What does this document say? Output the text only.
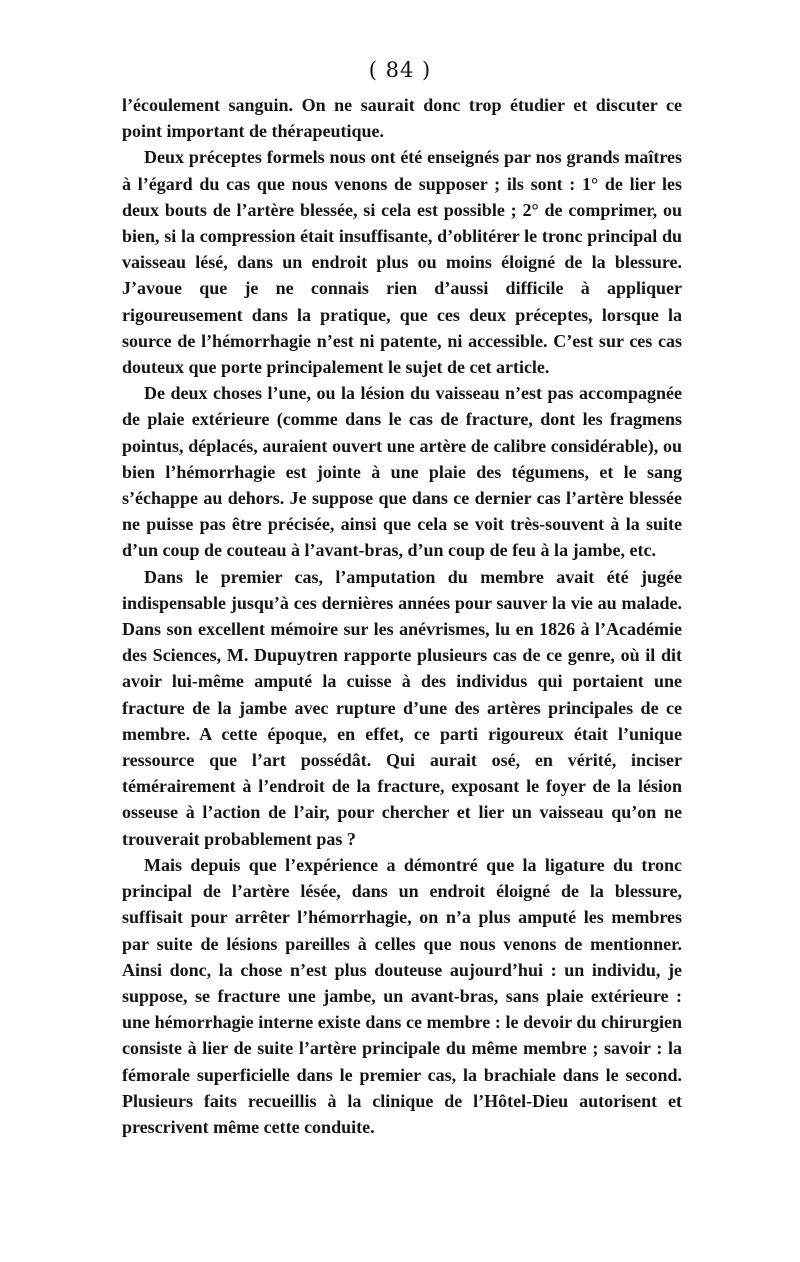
( 84 )

l’écoulement sanguin. On ne saurait donc trop étudier et discuter ce point important de thérapeutique.

Deux préceptes formels nous ont été enseignés par nos grands maîtres à l’égard du cas que nous venons de supposer ; ils sont : 1° de lier les deux bouts de l’artère blessée, si cela est possible ; 2° de comprimer, ou bien, si la compression était insuffisante, d’oblitérer le tronc principal du vaisseau lésé, dans un endroit plus ou moins éloigné de la blessure. J’avoue que je ne connais rien d’aussi difficile à appliquer rigoureusement dans la pratique, que ces deux préceptes, lorsque la source de l’hémorrhagie n’est ni patente, ni accessible. C’est sur ces cas douteux que porte principalement le sujet de cet article.

De deux choses l’une, ou la lésion du vaisseau n’est pas accompagnée de plaie extérieure (comme dans le cas de fracture, dont les fragmens pointus, déplacés, auraient ouvert une artère de calibre considérable), ou bien l’hémorrhagie est jointe à une plaie des tégumens, et le sang s’échappe au dehors. Je suppose que dans ce dernier cas l’artère blessée ne puisse pas être précisée, ainsi que cela se voit très-souvent à la suite d’un coup de couteau à l’avant-bras, d’un coup de feu à la jambe, etc.

Dans le premier cas, l’amputation du membre avait été jugée indispensable jusqu’à ces dernières années pour sauver la vie au malade. Dans son excellent mémoire sur les anévrismes, lu en 1826 à l’Académie des Sciences, M. Dupuytren rapporte plusieurs cas de ce genre, où il dit avoir lui-même amputé la cuisse à des individus qui portaient une fracture de la jambe avec rupture d’une des artères principales de ce membre. A cette époque, en effet, ce parti rigoureux était l’unique ressource que l’art possédât. Qui aurait osé, en vérité, inciser témérairement à l’endroit de la fracture, exposant le foyer de la lésion osseuse à l’action de l’air, pour chercher et lier un vaisseau qu’on ne trouverait probablement pas ?

Mais depuis que l’expérience a démontré que la ligature du tronc principal de l’artère lésée, dans un endroit éloigné de la blessure, suffisait pour arrêter l’hémorrhagie, on n’a plus amputé les membres par suite de lésions pareilles à celles que nous venons de mentionner. Ainsi donc, la chose n’est plus douteuse aujourd’hui : un individu, je suppose, se fracture une jambe, un avant-bras, sans plaie extérieure : une hémorrhagie interne existe dans ce membre : le devoir du chirurgien consiste à lier de suite l’artère principale du même membre ; savoir : la fémorale superficielle dans le premier cas, la brachiale dans le second. Plusieurs faits recueillis à la clinique de l’Hôtel-Dieu autorisent et prescrivent même cette conduite.
